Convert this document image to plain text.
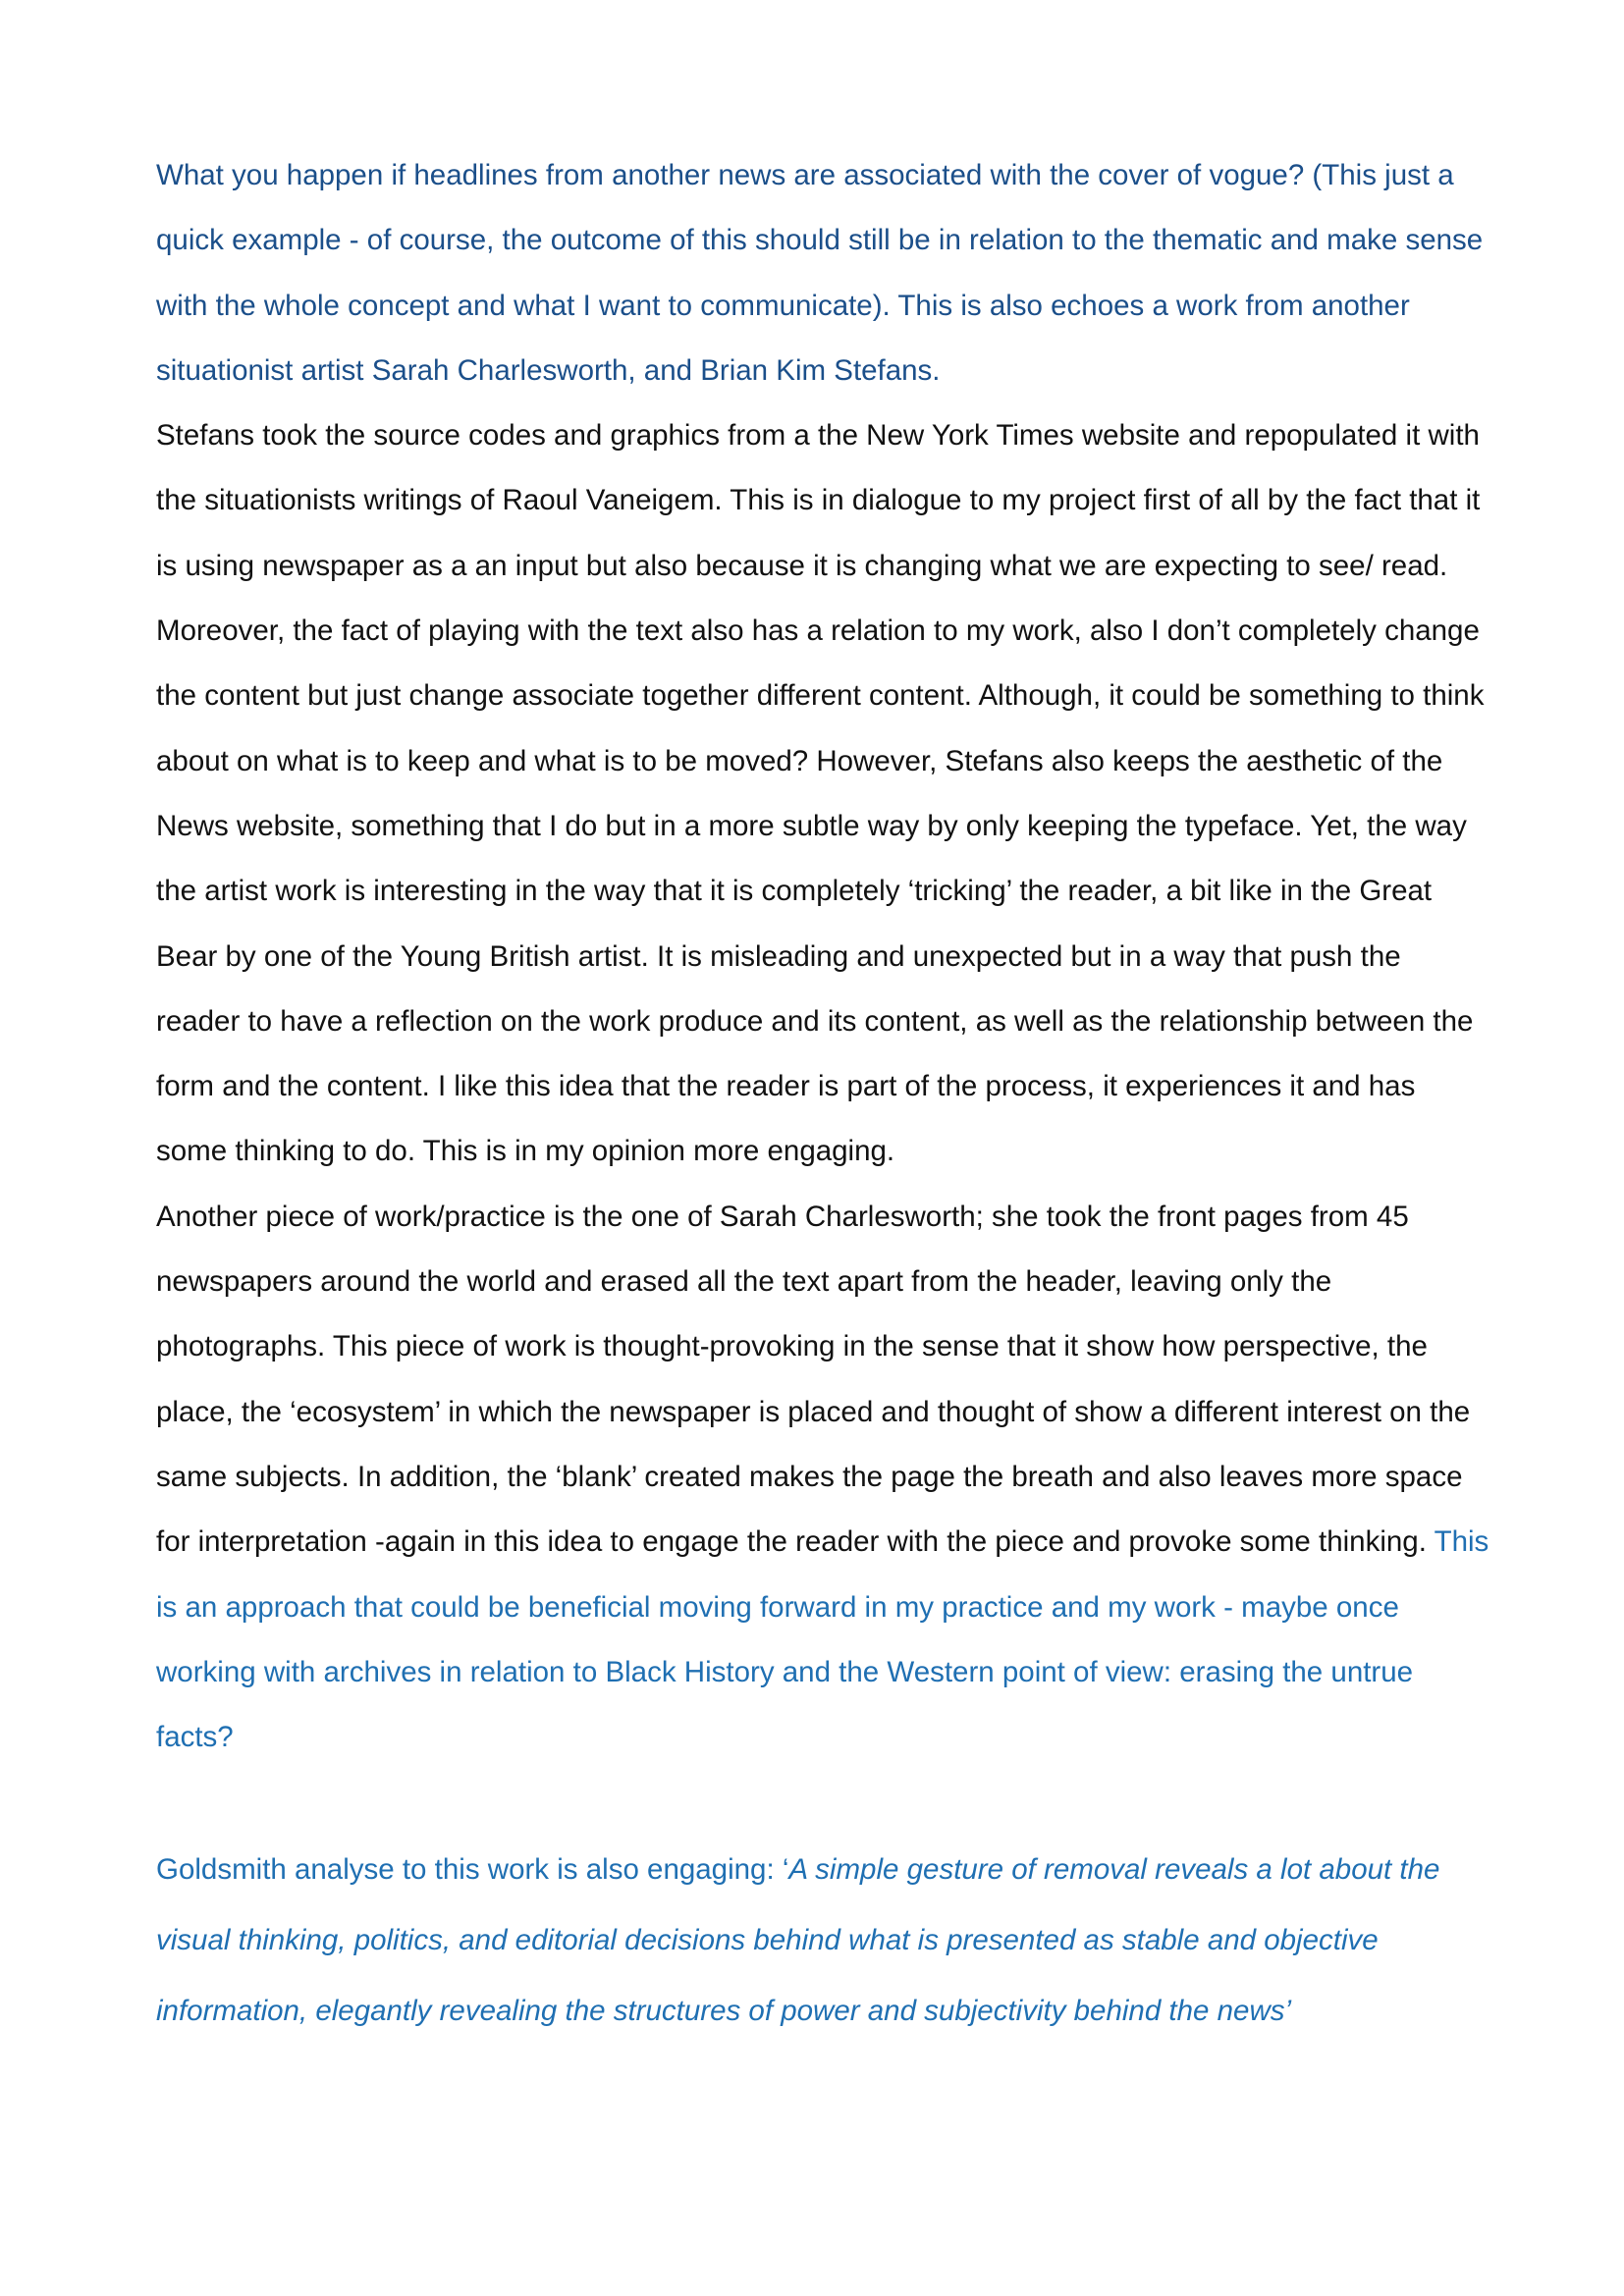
What you happen if headlines from another news are associated with the cover of vogue? (This just a quick example - of course, the outcome of this should still be in relation to the thematic and make sense with the whole concept and what I want to communicate). This is also echoes a work from another situationist artist Sarah Charlesworth, and Brian Kim Stefans.

Stefans took the source codes and graphics from a the New York Times website and repopulated it with the situationists writings of Raoul Vaneigem. This is in dialogue to my project first of all by the fact that it is using newspaper as a an input but also because it is changing what we are expecting to see/ read. Moreover, the fact of playing with the text also has a relation to my work, also I don’t completely change the content but just change associate together different content. Although, it could be something to think about on what is to keep and what is to be moved? However, Stefans also keeps the aesthetic of the News website, something that I do but in a more subtle way by only keeping the typeface. Yet, the way the artist work is interesting in the way that it is completely ‘tricking’ the reader, a bit like in the Great Bear by one of the Young British artist. It is misleading and unexpected but in a way that push the reader to have a reflection on the work produce and its content, as well as the relationship between the form and the content. I like this idea that the reader is part of the process, it experiences it and has some thinking to do. This is in my opinion more engaging.

Another piece of work/practice is the one of Sarah Charlesworth; she took the front pages from 45 newspapers around the world and erased all the text apart from the header, leaving only the photographs. This piece of work is thought-provoking in the sense that it show how perspective, the place, the ‘ecosystem’ in which the newspaper is placed and thought of show a different interest on the same subjects. In addition, the ‘blank’ created makes the page the breath and also leaves more space for interpretation -again in this idea to engage the reader with the piece and provoke some thinking. This is an approach that could be beneficial moving forward in my practice and my work - maybe once working with archives in relation to Black History and the Western point of view: erasing the untrue facts?

Goldsmith analyse to this work is also engaging: ‘A simple gesture of removal reveals a lot about the visual thinking, politics, and editorial decisions behind what is presented as stable and objective information, elegantly revealing the structures of power and subjectivity behind the news’
